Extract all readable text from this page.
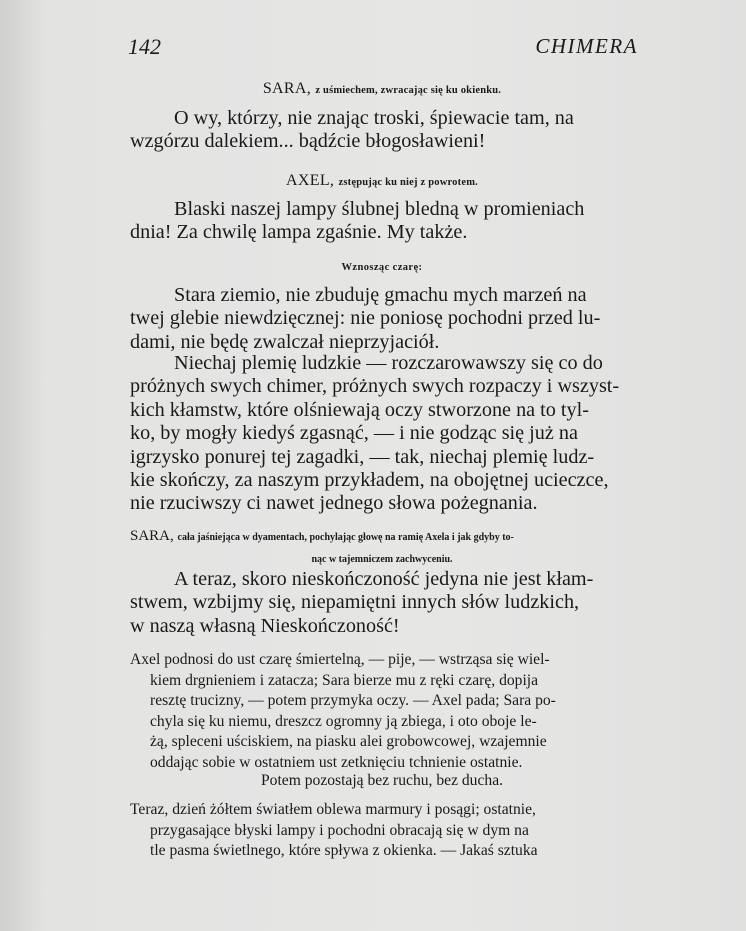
142	CHIMERA
SARA, z uśmiechem, zwracając się ku okienku.
O wy, którzy, nie znając troski, śpiewacie tam, na
wzgórzu dalekiem... bądźcie błogosławieni!
AXEL, zstępując ku niej z powrotem.
Blaski naszej lampy ślubnej bledną w promieniach
dnia! Za chwilę lampa zgaśnie. My także.
Wznosząc czarę:
Stara ziemio, nie zbuduję gmachu mych marzeń na
twej glebie niewdzięcznej: nie poniosę pochodni przed lu-
dami, nie będę zwalczał nieprzyjaciół.
Niechaj plemię ludzkie — rozczarowawszy się co do
próżnych swych chimer, próżnych swych rozpaczy i wszyst-
kich kłamstw, które olśniewają oczy stworzone na to tyl-
ko, by mogły kiedyś zgasnąć, — i nie godząc się już na
igrzysko ponurej tej zagadki, — tak, niechaj plemię ludz-
kie skończy, za naszym przykładem, na obojętnej ucieczce,
nie rzuciwszy ci nawet jednego słowa pożegnania.
SARA, cała jaśniejąca w dyamentach, pochylając głowę na ramię Axela i jak gdyby to-
nąc w tajemniczem zachwyceniu.
A teraz, skoro nieskończoność jedyna nie jest kłam-
stwem, wzbijmy się, niepamiętni innych słów ludzkich,
w naszą własną Nieskończoność!
Axel podnosi do ust czarę śmiertelną, — pije, — wstrząsa się wiel-
kiem drgnieniem i zatacza; Sara bierze mu z ręki czarę, dopija
resztę trucizny, — potem przymyka oczy. — Axel pada; Sara po-
chyla się ku niemu, dreszcz ogromny ją zbiega, i oto oboje le-
żą, spleceni uściskiem, na piasku alei grobowcowej, wzajemnie
oddając sobie w ostatniem ust zetknięciu tchnienie ostatnie.
Potem pozostają bez ruchu, bez ducha.
Teraz, dzień żółtem światłem oblewa marmury i posągi; ostatnie,
przygasające błyski lampy i pochodni obracają się w dym na
tle pasma świetlnego, które spływa z okienka. — Jakaś sztuka
